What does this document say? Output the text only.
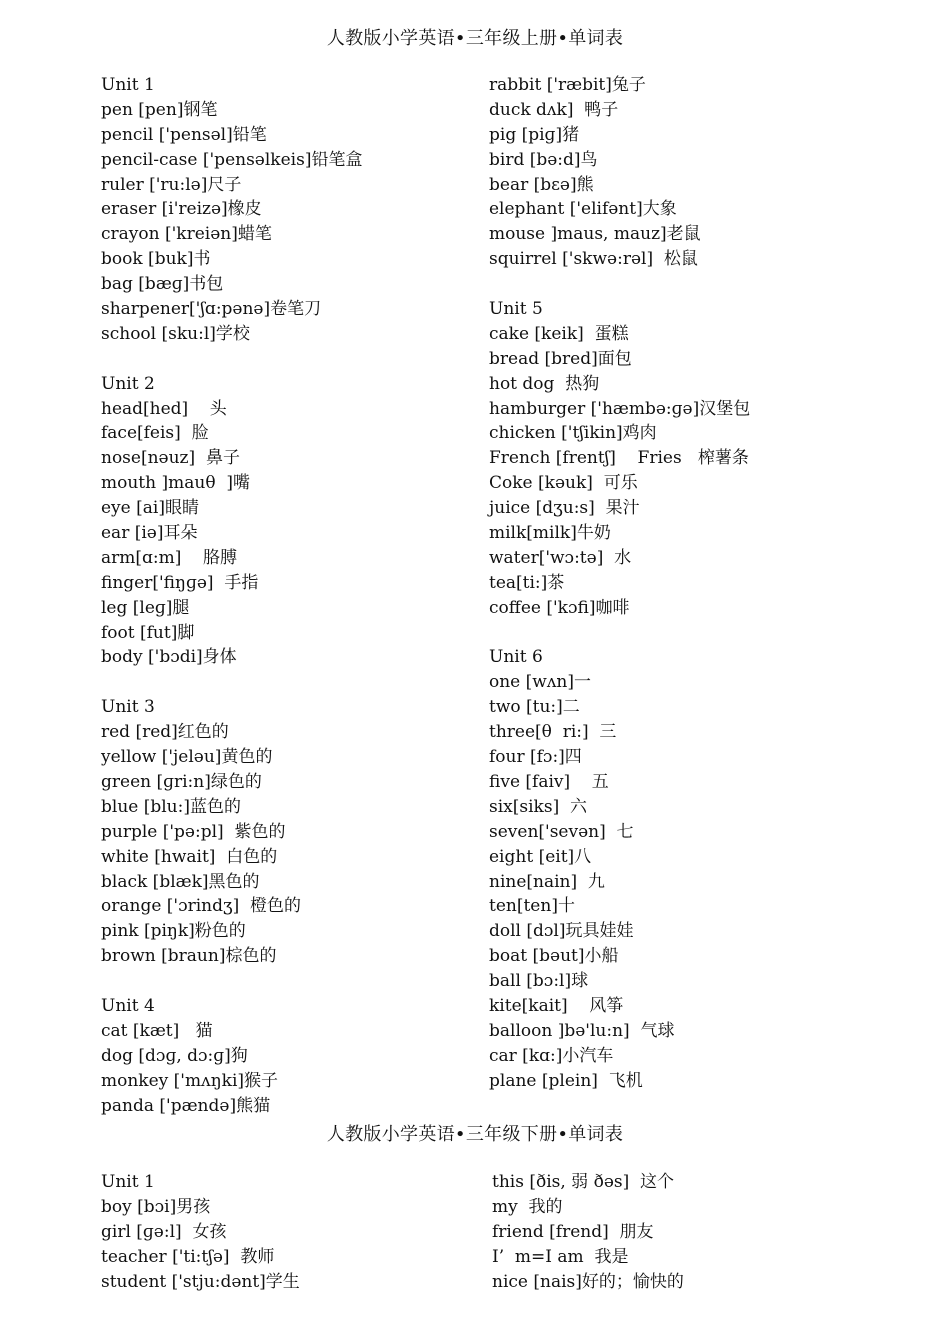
人教版小学英语•三年级上册•单词表
Unit 1
pen [pen]钢笔
pencil ['pensəl]铅笔
pencil-case ['pensəlkeis]铅笔盒
ruler ['ru:lə]尺子
eraser [i'reizə]橡皮
crayon ['kreiən]蜡笔
book [buk]书
bag [bæɡ]书包
sharpener['ʃɑ:pənə]卷笔刀
school [sku:l]学校
Unit 2
head[hed]    头
face[feis]  脸
nose[nəuz]  鼻子
mouth ]mauθ  ]嘴
eye [ai]眼睛
ear [iə]耳朵
arm[ɑ:m]    胳膊
finger['fiŋɡə]  手指
leg [leɡ]腿
foot [fut]脚
body ['bɔdi]身体
Unit 3
red [red]红色的
yellow ['jeləu]黄色的
green [ɡri:n]绿色的
blue [blu:]蓝色的
purple ['pə:pl]  紫色的
white [hwait]  白色的
black [blæk]黑色的
orange ['ɔrindʒ]  橙色的
pink [piŋk]粉色的
brown [braun]棕色的
Unit 4
cat [kæt]   猫
dog [dɔɡ, dɔ:ɡ]狗
monkey ['mʌŋki]猴子
panda ['pændə]熊猫
rabbit ['ræbit]兔子
duck dʌk]  鸭子
pig [piɡ]猪
bird [bə:d]鸟
bear [bɛə]熊
elephant ['elifənt]大象
mouse ]maus, mauz]老鼠
squirrel ['skwə:rəl]  松鼠
Unit 5
cake [keik]  蛋糕
bread [bred]面包
hot dog  热狗
hamburger ['hæmbə:ɡə]汉堡包
chicken ['tʃikin]鸡肉
French [frentʃ]    Fries   榨薯条
Coke [kəuk]  可乐
juice [dʒu:s]  果汁
milk[milk]牛奶
water['wɔ:tə]  水
tea[ti:]茶
coffee ['kɔfi]咖啡
Unit 6
one [wʌn]一
two [tu:]二
three[θ  ri:]  三
four [fɔ:]四
five [faiv]    五
six[siks]  六
seven['sevən]  七
eight [eit]八
nine[nain]  九
ten[ten]十
doll [dɔl]玩具娃娃
boat [bəut]小船
ball [bɔ:l]球
kite[kait]    风筝
balloon ]bə'lu:n]  气球
car [kɑ:]小汽车
plane [plein]  飞机
人教版小学英语•三年级下册•单词表
Unit 1
boy [bɔi]男孩
girl [ɡə:l]  女孩
teacher ['ti:tʃə]  教师
student ['stju:dənt]学生
this [ðis, 弱 ðəs]  这个
my  我的
friend [frend]  朋友
I’  m=I am  我是
nice [nais]好的；愉快的
